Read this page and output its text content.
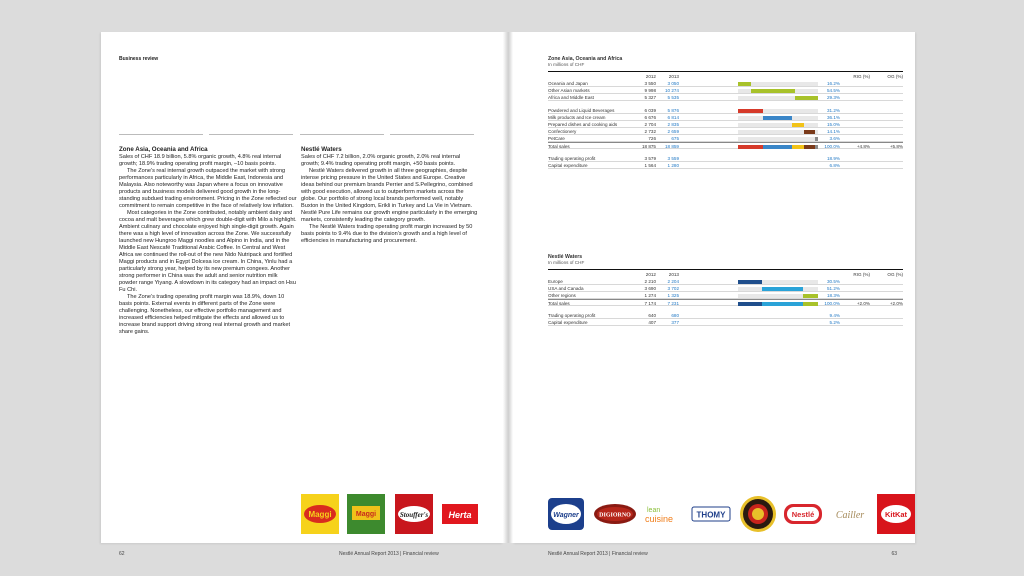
Business review
Zone Asia, Oceania and Africa

Sales of CHF 18.9 billion, 5.8% organic growth, 4.8% real internal growth; 18.9% trading operating profit margin, –10 basis points.

The Zone’s real internal growth outpaced the market with strong performances particularly in Africa, the Middle East, Indonesia and Malaysia. Also noteworthy was Japan where a focus on innovative products and business models delivered good growth in the long-standing subdued trading environment. Pricing in the Zone reflected our commitment to remain competitive in the face of relatively low inflation.

Most categories in the Zone contributed, notably ambient dairy and cocoa and malt beverages which grew double-digit with Milo a highlight. Ambient culinary and chocolate enjoyed high single-digit growth. Again there was a high level of innovation across the Zone. We successfully launched new Hungroo Maggi noodles and Alpino in India, and in the Middle East Nescafé Traditional Arabic Coffee. In Central and West Africa we continued the roll-out of the new Nido Nutripack and fortified Maggi products and in Egypt Dolcesa ice cream. In China, Yinlu had a particularly strong year, helped by its new premium congees. Another strong performer in China was the adult and senior nutrition milk powder range Yiyang. A slowdown in its category had an impact on Hsu Fu Chi.

The Zone’s trading operating profit margin was 18.9%, down 10 basis points. External events in different parts of the Zone were challenging. Nonetheless, our effective portfolio management and increased efficiencies helped mitigate the effects and allowed us to increase brand support driving strong real internal growth and market share gains.

Nestlé Waters

Sales of CHF 7.2 billion, 2.0% organic growth, 2.0% real internal growth; 9.4% trading operating profit margin, +50 basis points.

Nestlé Waters delivered growth in all three geographies, despite intense pricing pressure in the United States and Europe. Creative ideas behind our premium brands Perrier and S.Pellegrino, combined with good execution, allowed us to outperform markets across the globe. Our portfolio of strong local brands performed well, notably Buxton in the United Kingdom, Erikli in Turkey and La Vie in Vietnam. Nestlé Pure Life remains our growth engine particularly in the emerging markets, consistently leading the category growth.

The Nestlé Waters trading operating profit margin increased by 50 basis points to 9.4% due to the division’s growth and a high level of efficiencies in manufacturing and procurement.

Maggi	Maggi	Stouffer's Herta
62	Nestlé Annual Report 2013 | Financial review
Zone Asia, Oceania and Africa
In millions of CHF
2012	2013	RIG (%)	OG (%)
Oceania and Japan	3 550	3 050	16.2%
Other Asian markets	9 998 10 274	54.5%
Africa and Middle East	5 327	5 535	29.3%
Powdered and Liquid Beverages	6 039	5 876	31.2%
Milk products and Ice cream	6 676	6 814	36.1%
Prepared dishes and cooking aids	2 704	2 835	15.0%
Confectionery	2 732	2 659	14.1%
PetCare	726	675	3.6%
Total sales	18 875 18 859	100.0%	+4.8%	+5.8%
Trading operating profit	3 579	3 559	18.9%
Capital expenditure	1 564	1 280	6.8%
Nestlé Waters
In millions of CHF
2012	2013	RIG (%)	OG (%)
Europe	2 210	2 204	30.5%
USA and Canada	3 690	3 702	51.2%
Other regions	1 274	1 325	18.3%
Total sales	7 174	7 231	100.0%	+2.0%	+2.0%
Trading operating profit	640	680	9.4%
Capital expenditure	407	377	5.2%
Wagner	DIGIORNO
lean
cuisine	THOMY	Nestlé Cailler	KitKat
Nestlé Annual Report 2013 | Financial review	63
